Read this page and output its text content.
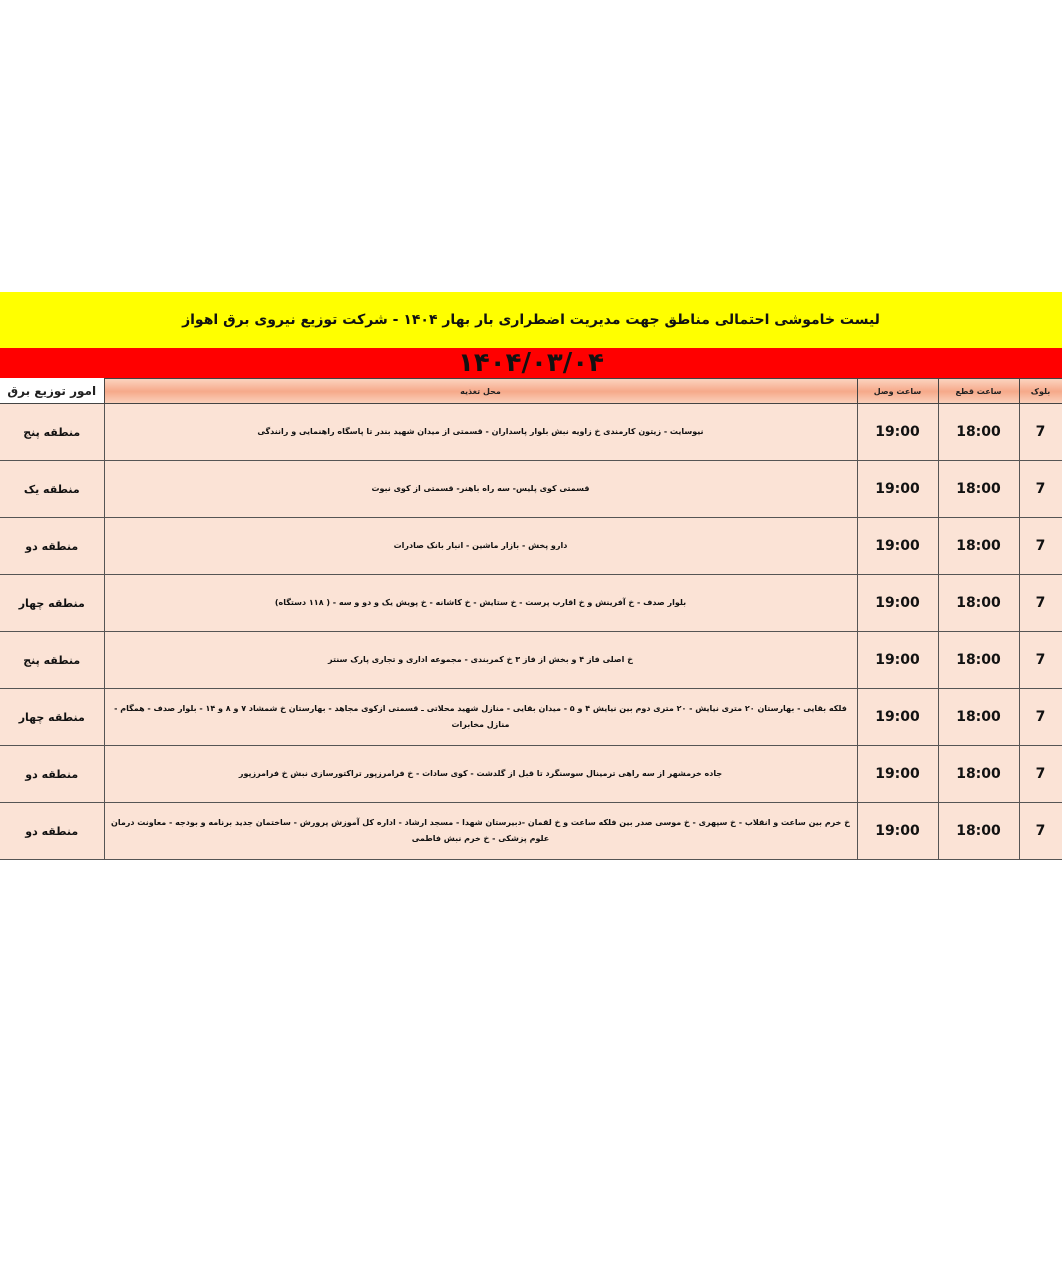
لیست خاموشی احتمالی مناطق جهت مدیریت اضطراری بار بهار ۱۴۰۴ - شرکت توزیع نیروی برق اهواز
۱۴۰۴/۰۳/۰۴
بلوک	ساعت قطع	ساعت وصل	محل تغذیه	امور توزیع برق
7	18:00	19:00	نیوسایت - زیتون کارمندی خ زاویه نبش بلوار پاسداران - قسمتی از میدان شهید بندر تا پاسگاه راهنمایی و رانندگی	منطقه پنج
7	18:00	19:00	قسمتی کوی پلیس- سه راه باهنر- قسمتی از کوی نبوت	منطقه یک
7	18:00	19:00	دارو پخش - بازار ماشین - انبار بانک صادرات	منطقه دو
7	18:00	19:00	بلوار صدف - خ آفرینش و خ اقارب پرست - خ ستایش - خ کاشانه - خ پویش یک و دو و سه - ( ۱۱۸ دستگاه)	منطقه چهار
7	18:00	19:00	خ اصلی فاز ۴ و بخش از فاز ۳ خ کمربندی - مجموعه اداری و تجاری پارک سنتر	منطقه پنج
7	18:00	19:00	فلکه بقایی - بهارستان ۲۰ متری نیایش - ۲۰ متری دوم بین نیایش ۴ و ۵ - میدان بقایی - منازل شهید محلاتی ـ قسمتی ازکوی مجاهد - بهارستان خ شمشاد ۷ و ۸ و ۱۴ - بلوار صدف - همگام - منازل مخابرات	منطقه چهار
7	18:00	19:00	جاده خرمشهر از سه راهی ترمینال سوسنگرد تا قبل از گلدشت - کوی سادات - خ فرامرزپور تراکتورسازی نبش خ فرامرزپور	منطقه دو
7	18:00	19:00	خ خرم بین ساعت و انقلاب - خ سپهری - خ موسی صدر بین فلکه ساعت و خ لقمان -دبیرستان شهدا - مسجد ارشاد - اداره کل آموزش پرورش - ساختمان جدید برنامه و بودجه - معاونت درمان علوم پزشکی - خ خرم نبش فاطمی	منطقه دو
